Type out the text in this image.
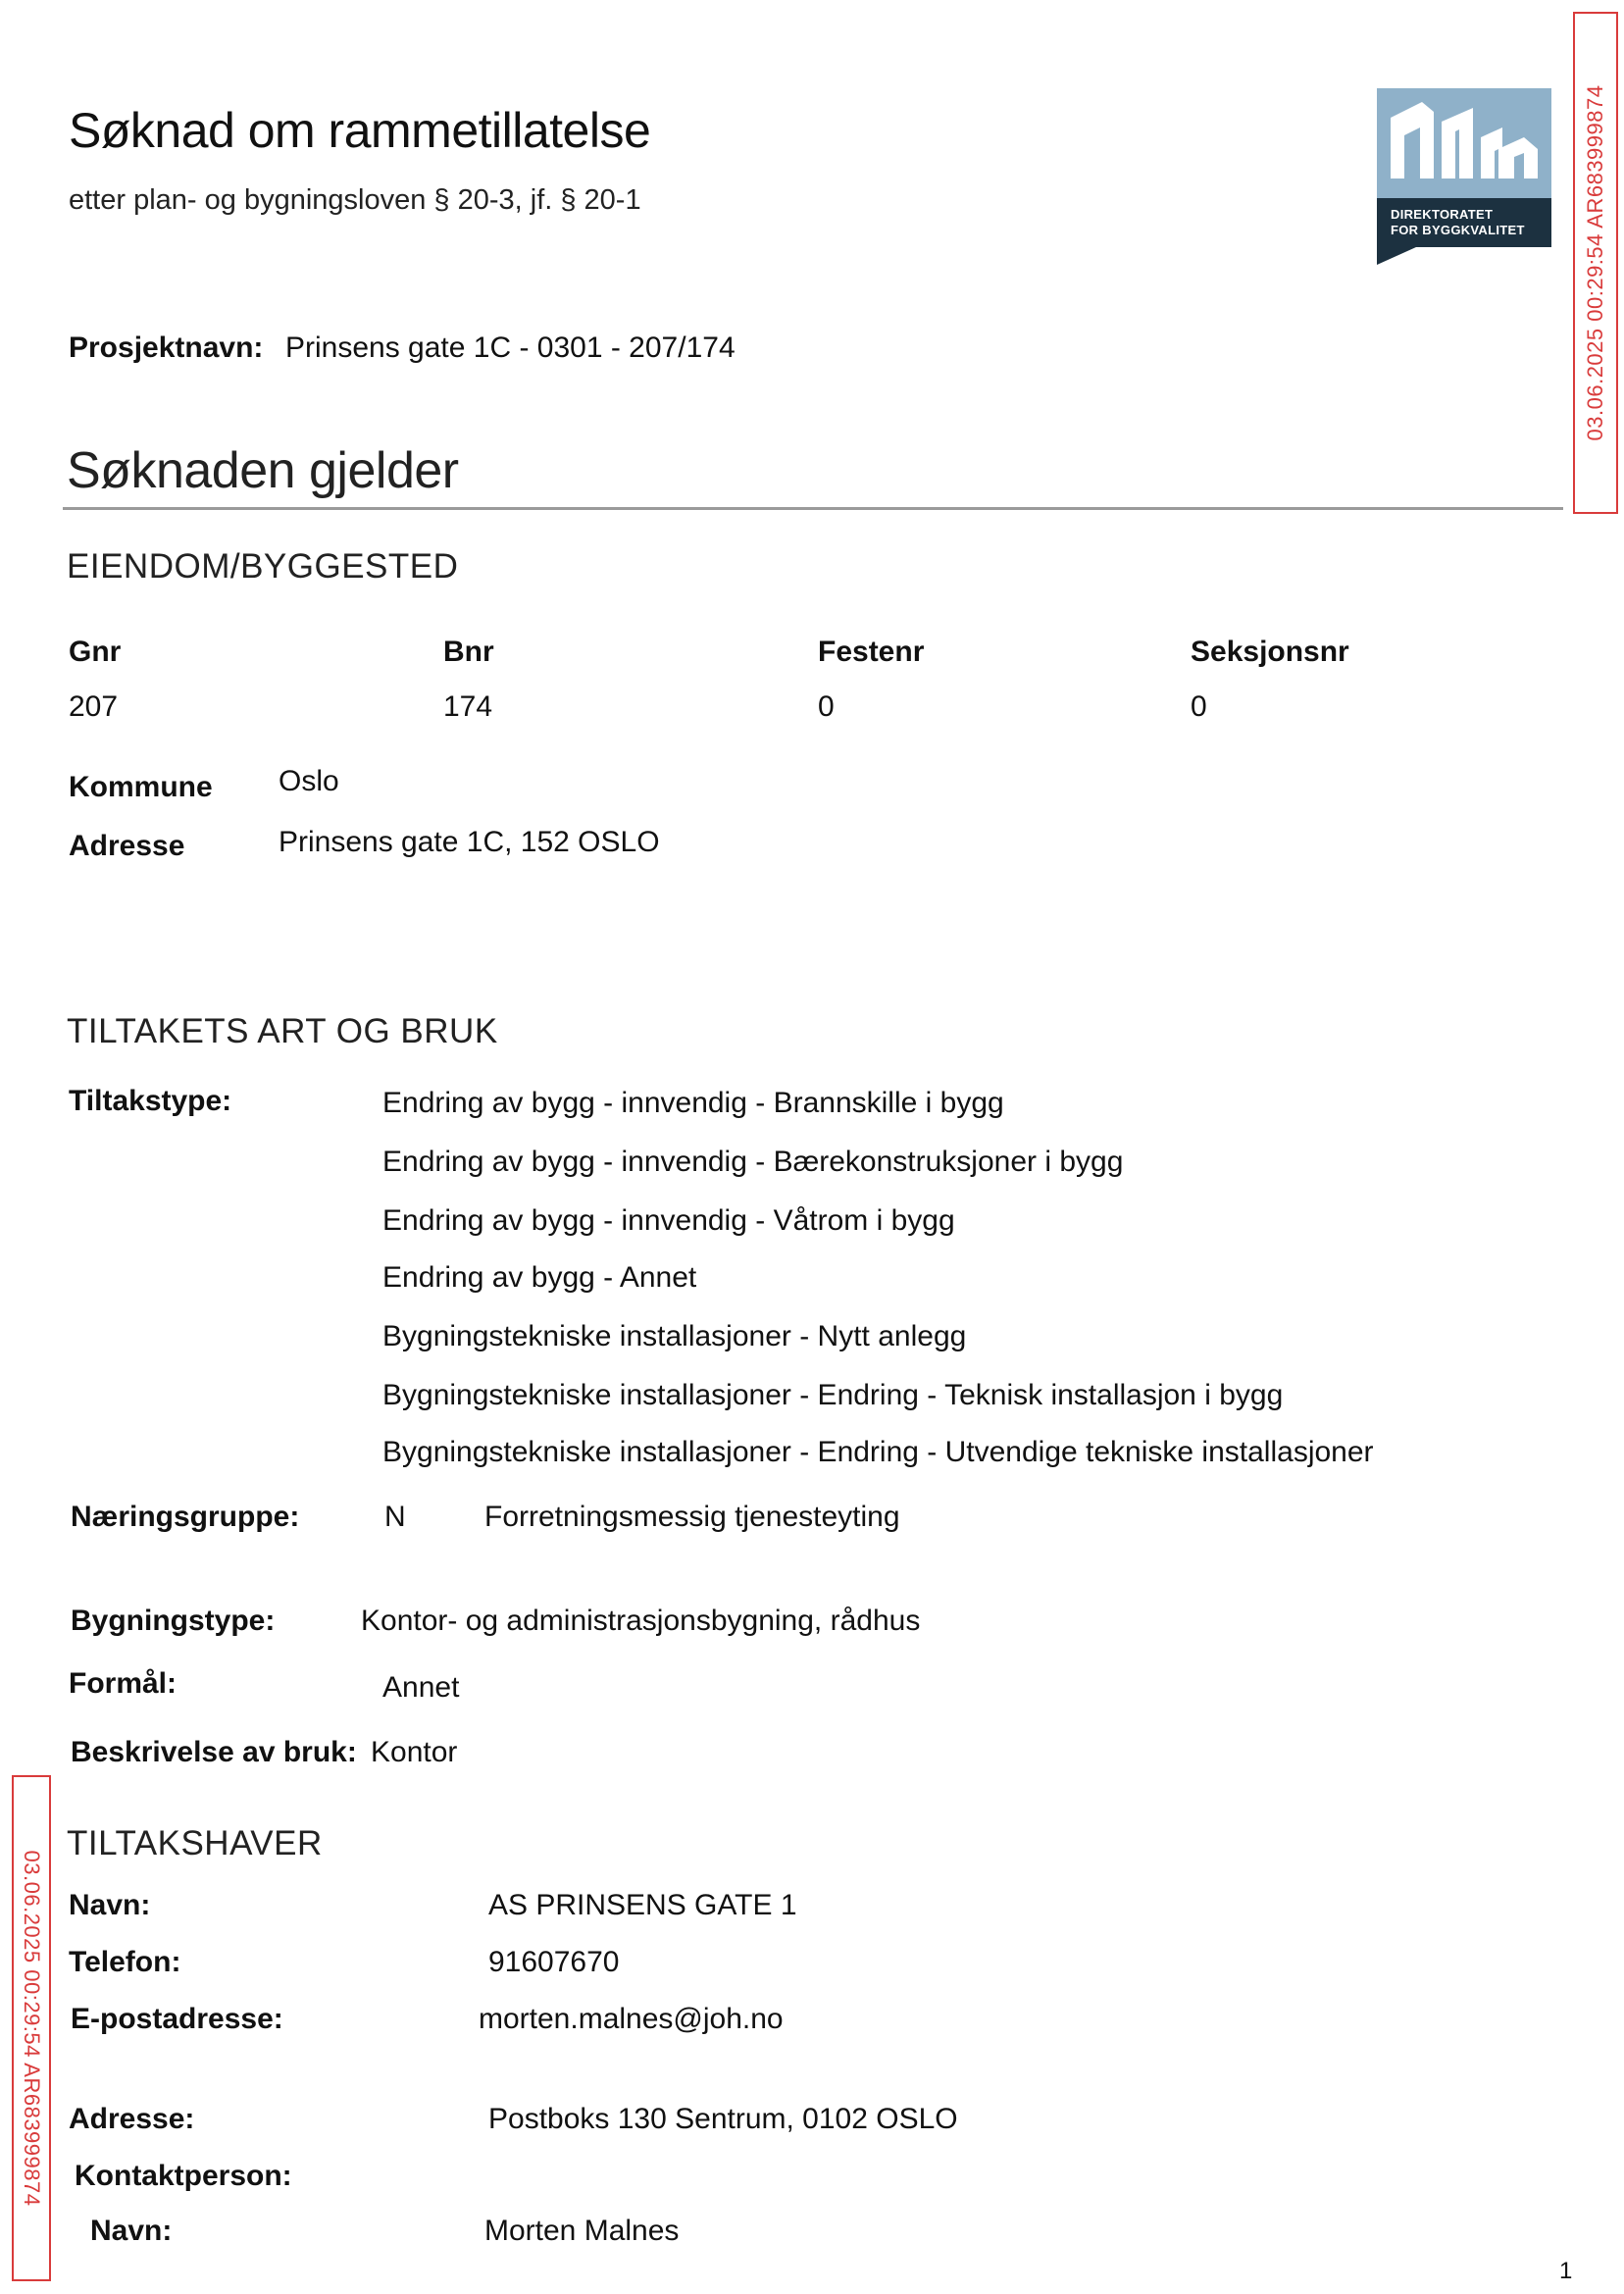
Søknad om rammetillatelse
etter plan- og bygningsloven § 20-3, jf. § 20-1	DIREKTORATET
FOR BYGGKVALITET
Prosjektnavn: Prinsens gate 1C - 0301 - 207/174
Søknaden gjelder
EIENDOM/BYGGESTED
Gnr	Bnr	Festenr	Seksjonsnr
207	174	0	0
Kommune Oslo
Adresse	Prinsens gate 1C, 152 OSLO
TILTAKETS ART OG BRUK
Tiltakstype:	Endring av bygg - innvendig - Brannskille i bygg
Endring av bygg - innvendig - Bærekonstruksjoner i bygg
Endring av bygg - innvendig - Våtrom i bygg
Endring av bygg - Annet
Bygningstekniske installasjoner - Nytt anlegg
Bygningstekniske installasjoner - Endring - Teknisk installasjon i bygg
Bygningstekniske installasjoner - Endring - Utvendige tekniske installasjoner
Næringsgruppe:	N	Forretningsmessig tjenesteyting
Bygningstype:	Kontor- og administrasjonsbygning, rådhus
Formål:	Annet
Beskrivelse av bruk: Kontor
TILTAKSHAVER
Navn:	AS PRINSENS GATE 1
Telefon:	91607670
E-postadresse:	morten.malnes@joh.no
Adresse:	Postboks 130 Sentrum, 0102 OSLO
Kontaktperson:
Navn:	Morten Malnes
03.06.2025 00:29:54 AR683999874
03.06.2025 00:29:54 AR683999874
1
